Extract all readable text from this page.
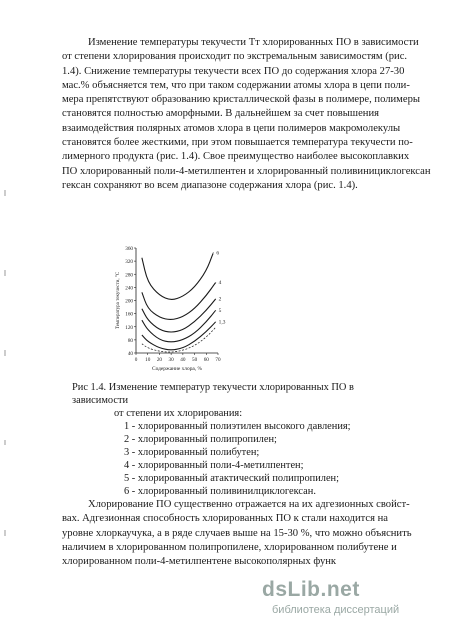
Изменение температуры текучести Tт хлорированных ПО в зависимости
от степени хлорирования происходит по экстремальным зависимостям (рис.
1.4). Снижение температуры текучести всех ПО до содержания хлора 27-30
мас.% объясняется тем, что при таком содержании атомы хлора в цепи поли-
мера препятствуют образованию кристаллической фазы в полимере, полимеры
становятся полностью аморфными. В дальнейшем за счет повышения
взаимодействия полярных атомов хлора в цепи полимеров макромолекулы
становятся более жесткими, при этом повышается температура текучести по-
лимерного продукта (рис. 1.4). Свое преимущество наиболее высокоплавких
ПО хлорированный поли-4-метилпентен и хлорированный поливинициклогексан
гексан сохраняют во всем диапазоне содержания хлора (рис. 1.4).
Температура текучести, °С
Содержание хлора, %
40
80
120
160
200
240
280
320
360
0 10 20 30 40 50 60 70
6
4
2
5
1,3
Рис 1.4. Изменение температур текучести хлорированных ПО в зависимости
от степени их хлорирования:
1 - хлорированный полиэтилен высокого давления;
2 - хлорированный полипропилен;
3 - хлорированный полибутен;
4 - хлорированный поли-4-метилпентен;
5 - хлорированный атактический полипропилен;
6 - хлорированный поливинилциклогексан.
Хлорирование ПО существенно отражается на их адгезионных свойст-
вах. Адгезионная способность хлорированных ПО к стали находится на
уровне хлоркаучука, а в ряде случаев выше на 15-30 %, что можно объяснить
наличием в хлорированном полипропилене, хлорированном полибутене и
хлорированном поли-4-метилпентене высокополярных функ
dsLib.net
библиотека диссертаций
